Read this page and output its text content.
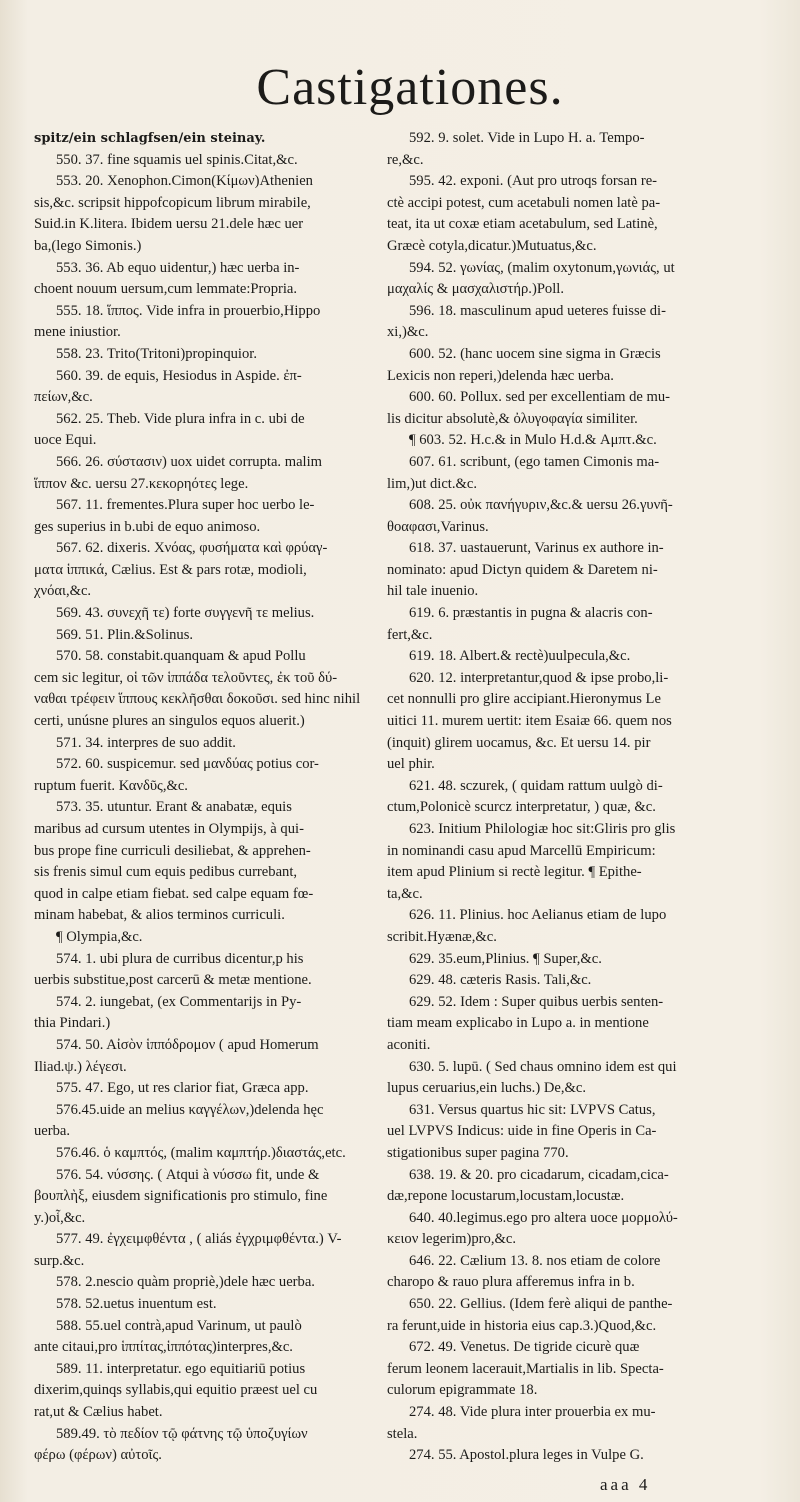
Castigationes.
spitz/ein schlagfsen/ein steinay.
550. 37. fine squamis uel spinis.Citat,&c.
553. 20. Xenophon.Cimon(Κίμων)Athenien
sis,&c. scripsit hippofcopicum librum mirabile,
Suid.in K.litera. Ibidem uersu 21.dele hæc uer
ba,(lego Simonis.)
553. 36. Ab equo uidentur,) hæc uerba in-
choent nouum uersum,cum lemmate:Propria.
555. 18. ἵππος. Vide infra in prouerbio,Hippo
mene iniustior.
558. 23. Trito(Tritoni)propinquior.
560. 39. de equis, Hesiodus in Aspide. ἐπ-
πείων,&c.
562. 25. Theb. Vide plura infra in c. ubi de
uoce Equi.
566. 26. σύστασιν) uox uidet corrupta. malim
ἵππον &c. uersu 27.κεκορηότες lege.
567. 11. frementes.Plura super hoc uerbo le-
ges superius in b.ubi de equo animoso.
567. 62. dixeris. Χνόας, φυσήματα καὶ φρύαγ-
ματα ἱππικά, Cælius. Est & pars rotæ, modioli,
χνόαι,&c.
569. 43. συνεχῆ τε) forte συγγενῆ τε melius.
569. 51. Plin.&Solinus.
570. 58. constabit.quanquam & apud Pollu
cem sic legitur, οἱ τῶν ἱππάδα τελοῦντες, ἐκ τοῦ δύ-
ναθαι τρέφειν ἵππους κεκλῆσθαι δοκοῦσι. sed hinc nihil
certi, unúsne plures an singulos equos aluerit.)
571. 34. interpres de suo addit.
572. 60. suspicemur. sed μανδύας potius cor-
ruptum fuerit. Κανδῦς,&c.
573. 35. utuntur. Erant & anabatæ, equis
maribus ad cursum utentes in Olympijs, à qui-
bus prope fine curriculi desiliebat, & apprehen-
sis frenis simul cum equis pedibus currebant,
quod in calpe etiam fiebat. sed calpe equam fœ-
minam habebat, & alios terminos curriculi.
¶ Olympia,&c.
574. 1. ubi plura de curribus dicentur,p his
uerbis substitue,post carcerū & metæ mentione.
574. 2. iungebat, (ex Commentarijs in Py-
thia Pindari.)
574. 50. Αἰσὸν ἱππόδρομον ( apud Homerum
Iliad.ψ.) λέγεσι.
575. 47. Ego, ut res clarior fiat, Græca app.
576.45.uide an melius καγγέλων,)delenda hęc
uerba.
576.46. ὁ καμπτός, (malim καμπτήρ.)διαστάς,etc.
576. 54. νύσσης. ( Atqui à νύσσω fit, unde &
βουπλὴξ, eiusdem significationis pro stimulo, fine
y.)οἷ,&c.
577. 49. ἐγχειμφθέντα , ( aliás ἐγχριμφθέντα.) V-
surp.&c.
578. 2.nescio quàm propriè,)dele hæc uerba.
578. 52.uetus inuentum est.
588. 55.uel contrà,apud Varinum, ut paulò
ante citaui,pro ἱππίτας,ἱππότας)interpres,&c.
589. 11. interpretatur. ego equitiariū potius
dixerim,quinqs syllabis,qui equitio præest uel cu
rat,ut & Cælius habet.
589.49. τὸ πεδίον τῷ φάτνης τῷ ὑποζυγίων
φέρω (φέρων) αὐτοῖς.
592. 9. solet. Vide in Lupo H. a. Tempo-
re,&c.
595. 42. exponi. (Aut pro utroqs forsan re-
ctè accipi potest, cum acetabuli nomen latè pa-
teat, ita ut coxæ etiam acetabulum, sed Latinè,
Græcè cotyla,dicatur.)Mutuatus,&c.
594. 52. γωνίας, (malim oxytonum,γωνιάς, ut
μαχαλίς & μασχαλιστήρ.)Poll.
596. 18. masculinum apud ueteres fuisse di-
xi,)&c.
600. 52. (hanc uocem sine sigma in Græcis
Lexicis non reperi,)delenda hæc uerba.
600. 60. Pollux. sed per excellentiam de mu-
lis dicitur absolutè,& ὀλυγοφαγία similiter.
¶ 603. 52. H.c.& in Mulo H.d.& Αμπτ.&c.
607. 61. scribunt, (ego tamen Cimonis ma-
lim,)ut dict.&c.
608. 25. οὐκ πανήγυριν,&c.& uersu 26.γυνῆ-
θοαφασι,Varinus.
618. 37. uastauerunt, Varinus ex authore in-
nominato: apud Dictyn quidem & Daretem ni-
hil tale inuenio.
619. 6. præstantis in pugna & alacris con-
fert,&c.
619. 18. Albert.& rectè)uulpecula,&c.
620. 12. interpretantur,quod & ipse probo,li-
cet nonnulli pro glire accipiant.Hieronymus Le
uitici 11. murem uertit: item Esaiæ 66. quem nos
(inquit) glirem uocamus, &c. Et uersu 14. pir
uel phir.
621. 48. sczurek, ( quidam rattum uulgò di-
ctum,Polonicè scurcz interpretatur, ) quæ, &c.
623. Initium Philologiæ hoc sit:Gliris pro glis
in nominandi casu apud Marcellū Empiricum:
item apud Plinium si rectè legitur. ¶ Epithe-
ta,&c.
626. 11. Plinius. hoc Aelianus etiam de lupo
scribit.Hyænæ,&c.
629. 35.eum,Plinius. ¶ Super,&c.
629. 48. cæteris Rasis. Tali,&c.
629. 52. Idem : Super quibus uerbis senten-
tiam meam explicabo in Lupo a. in mentione
aconiti.
630. 5. lupū. ( Sed chaus omnino idem est qui
lupus ceruarius,ein luchs.) De,&c.
631. Versus quartus hic sit: LVPVS Catus,
uel LVPVS Indicus: uide in fine Operis in Ca-
stigationibus super pagina 770.
638. 19. & 20. pro cicadarum, cicadam,cica-
dæ,repone locustarum,locustam,locustæ.
640. 40.legimus.ego pro altera uoce μορμολύ-
κειον legerim)pro,&c.
646. 22. Cælium 13. 8. nos etiam de colore
charopo & rauo plura afferemus infra in b.
650. 22. Gellius. (Idem ferè aliqui de panthe-
ra ferunt,uide in historia eius cap.3.)Quod,&c.
672. 49. Venetus. De tigride cicurè quæ
ferum leonem lacerauit,Martialis in lib. Specta-
culorum epigrammate 18.
274. 48. Vide plura inter prouerbia ex mu-
stela.
274. 55. Apostol.plura leges in Vulpe G.
aaa 4
